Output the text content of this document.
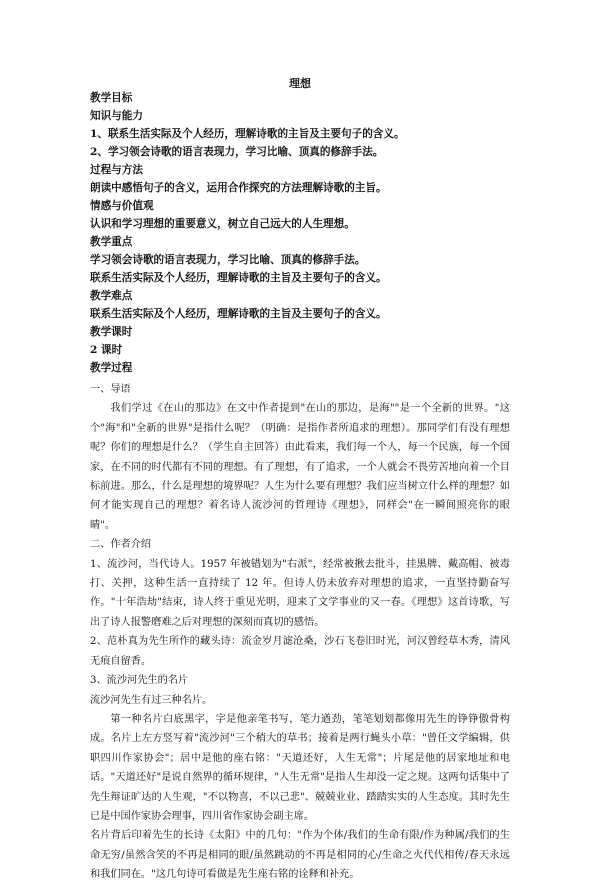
理想
教学目标
知识与能力
1、联系生活实际及个人经历，理解诗歌的主旨及主要句子的含义。
2、学习领会诗歌的语言表现力，学习比喻、顶真的修辞手法。
过程与方法
朗读中感悟句子的含义，运用合作探究的方法理解诗歌的主旨。
情感与价值观
认识和学习理想的重要意义，树立自己远大的人生理想。
教学重点
学习领会诗歌的语言表现力，学习比喻、顶真的修辞手法。
联系生活实际及个人经历，理解诗歌的主旨及主要句子的含义。
教学难点
联系生活实际及个人经历，理解诗歌的主旨及主要句子的含义。
教学课时
2 课时
教学过程

一、导语

我们学过《在山的那边》在文中作者提到"在山的那边，是海""是一个全新的世界。"这个"海"和"全新的世界"是指什么呢？（明确：是指作者所追求的理想）。那同学们有没有理想呢？你们的理想是什么？（学生自主回答）由此看来，我们每一个人，每一个民族，每一个国家，在不同的时代都有不同的理想。有了理想，有了追求，一个人就会不畏劳苦地向着一个目标前进。那么，什么是理想的境界呢？人生为什么要有理想？我们应当树立什么样的理想？如何才能实现自己的理想？着名诗人流沙河的哲理诗《理想》，同样会"在一瞬间照亮你的眼睛"。

二、作者介绍

1、流沙河，当代诗人。1957 年被错划为"右派"，经常被揪去批斗，挂黑牌、戴高帽、被毒打、关押，这种生活一直持续了 12 年。但诗人仍未放弃对理想的追求，一直坚持勤奋写作。"十年浩劫"结束，诗人终于重见光明，迎来了文学事业的又一春。《理想》这首诗歌，写出了诗人报警磨难之后对理想的深刻而真切的感悟。

2、范朴真为先生所作的藏头诗：流金岁月滤沧桑，沙石飞卷旧时光，河汉曾经草木秀，清风无痕自留香。

3、流沙河先生的名片

流沙河先生有过三种名片。

第一种名片白底黑字，字是他亲笔书写，笔力遒劲，笔笔划划都像用先生的铮铮傲骨构成。名片上左方竖写着"流沙河"三个稍大的草书；接着是两行蝇头小草："曾任文学编辑，供职四川作家协会"；居中是他的座右铭："天道还好，人生无常"；片尾是他的居家地址和电话。"天道还好"是说自然界的循环规律，"人生无常"是指人生却没一定之规。这两句话集中了先生辩证旷达的人生观，"不以物喜，不以己悲"、兢兢业业、踏踏实实的人生态度。其时先生已是中国作家协会理事，四川省作家协会副主席。

名片背后印着先生的长诗《太阳》中的几句："作为个体/我们的生命有限/作为种属/我们的生命无穷/虽然含笑的不再是相同的眼/虽然跳动的不再是相同的心/生命之火代代相传/春天永远和我们同在。"这几句诗可看做是先生座右铭的诠释和补充。
